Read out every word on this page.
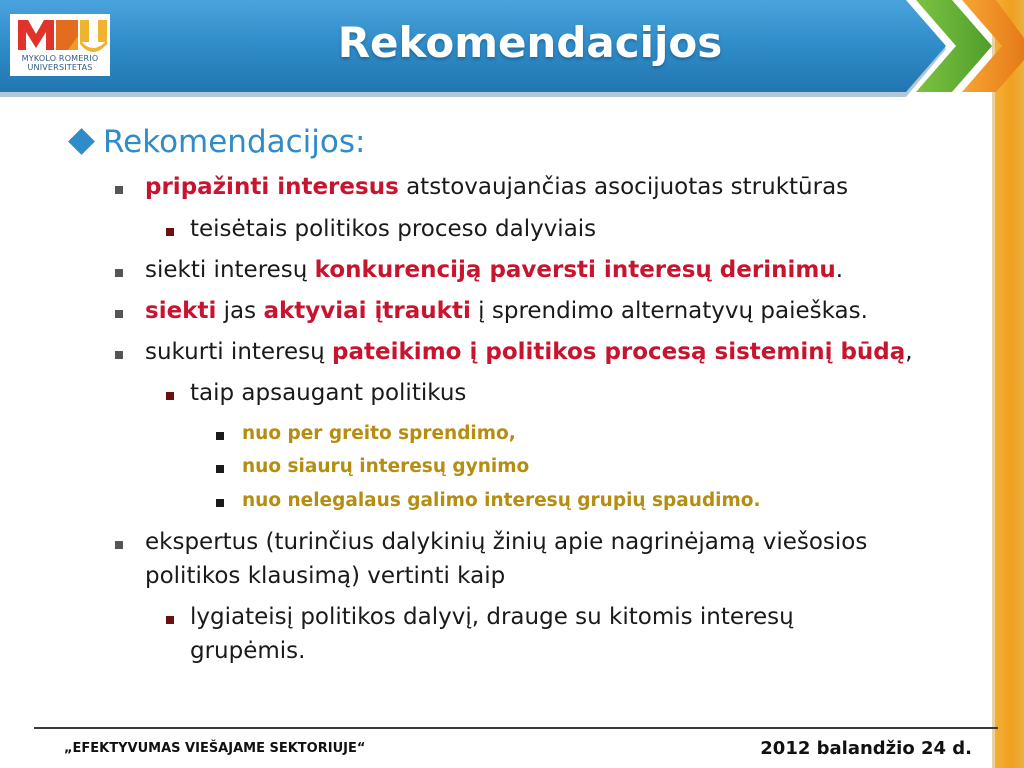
MYKOLO ROMERIO
UNIVERSITETAS
Rekomendacijos
Rekomendacijos:
pripažinti interesus atstovaujančias asocijuotas struktūras
teisėtais politikos proceso dalyviais
siekti interesų konkurenciją paversti interesų derinimu.
siekti jas aktyviai įtraukti į sprendimo alternatyvų paieškas.
sukurti interesų pateikimo į politikos procesą sisteminį būdą,
taip apsaugant politikus
nuo per greito sprendimo,
nuo siaurų interesų gynimo
nuo nelegalaus galimo interesų grupių spaudimo.
ekspertus (turinčius dalykinių žinių apie nagrinėjamą viešosios
politikos klausimą) vertinti kaip
lygiateisį politikos dalyvį, drauge su kitomis interesų
grupėmis.
„EFEKTYVUMAS VIEŠAJAME SEKTORIUJE“	2012 balandžio 24 d.
